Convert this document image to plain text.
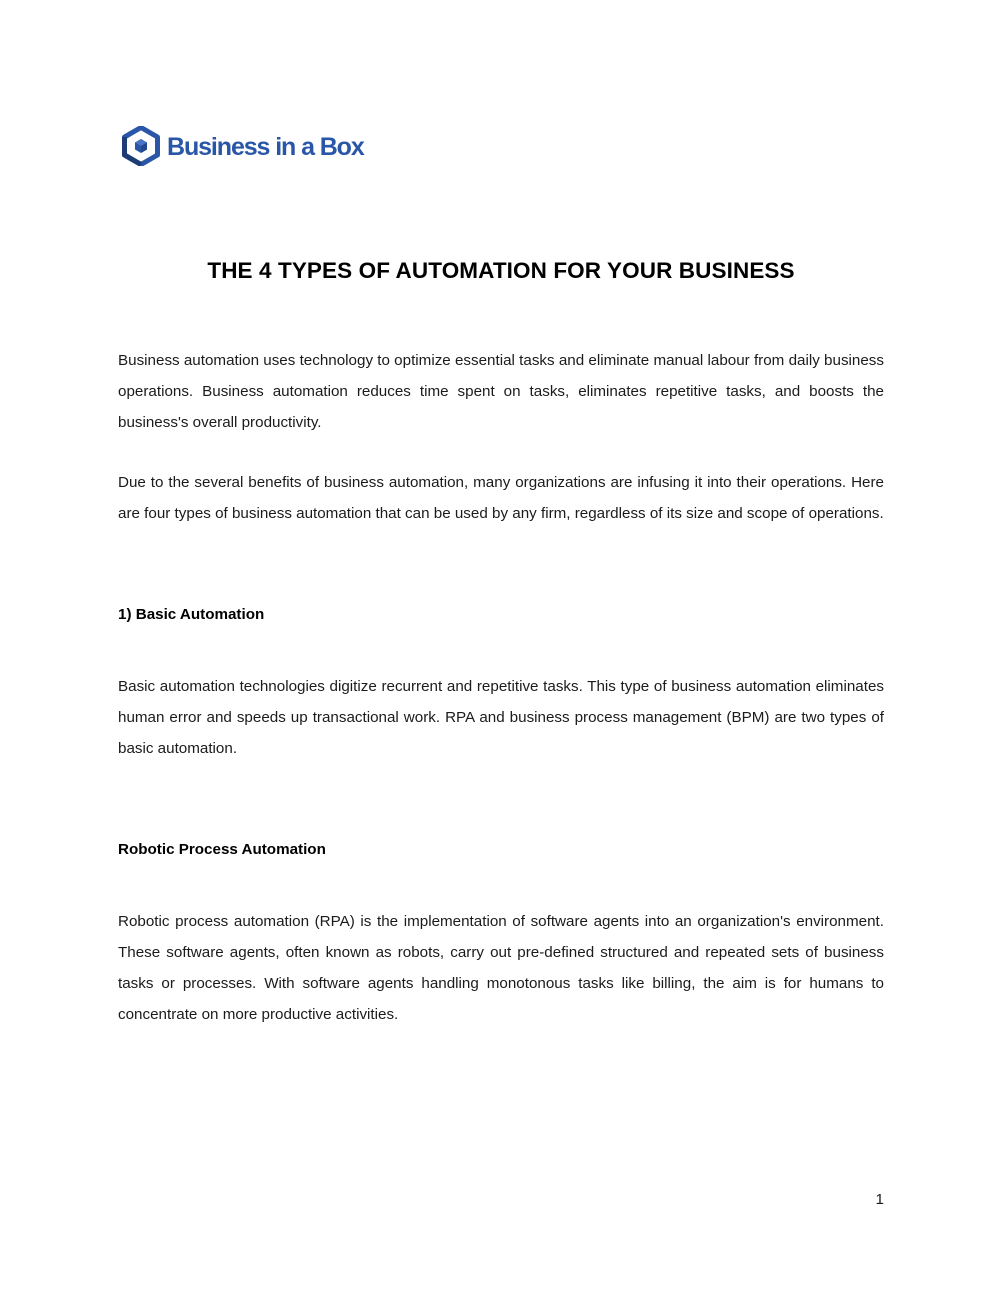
Business in a Box
THE 4 TYPES OF AUTOMATION FOR YOUR BUSINESS

Business automation uses technology to optimize essential tasks and eliminate manual labour from daily business operations. Business automation reduces time spent on tasks, eliminates repetitive tasks, and boosts the business's overall productivity.

Due to the several benefits of business automation, many organizations are infusing it into their operations. Here are four types of business automation that can be used by any firm, regardless of its size and scope of operations.

1) Basic Automation

Basic automation technologies digitize recurrent and repetitive tasks. This type of business automation eliminates human error and speeds up transactional work. RPA and business process management (BPM) are two types of basic automation.

Robotic Process Automation

Robotic process automation (RPA) is the implementation of software agents into an organization's environment. These software agents, often known as robots, carry out pre-defined structured and repeated sets of business tasks or processes. With software agents handling monotonous tasks like billing, the aim is for humans to concentrate on more productive activities.

1
